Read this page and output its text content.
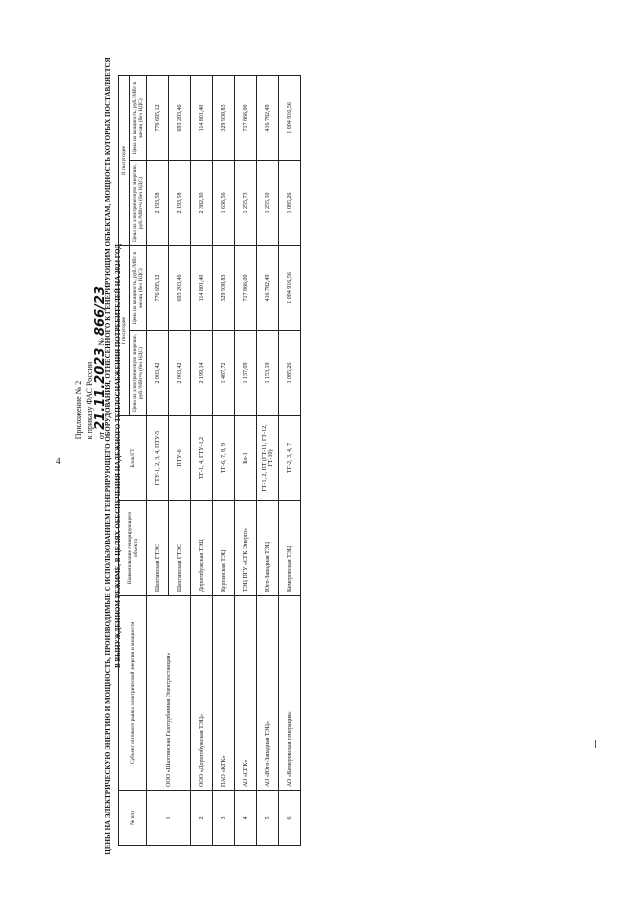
4
Приложение № 2 к приказу ФАС России от 21.11.2023 № 866/23
ЦЕНЫ НА ЭЛЕКТРИЧЕСКУЮ ЭНЕРГИЮ И МОЩНОСТЬ, ПРОИЗВОДИМЫЕ С ИСПОЛЬЗОВАНИЕМ ГЕНЕРИРУЮЩЕГО ОБОРУДОВАНИЯ, ОТНЕСЕННОГО К ГЕНЕРИРУЮЩИМ ОБЪЕКТАМ, МОЩНОСТЬ КОТОРЫХ ПОСТАВЛЯЕТСЯ В ВЫНУЖДЕННОМ РЕЖИМЕ, В ЦЕЛЯХ ОБЕСПЕЧЕНИЯ НАДЕЖНОГО ТЕПЛОСНАБЖЕНИЯ ПОТРЕБИТЕЛЕЙ НА 2024 ГОД
№ п/п	Субъект оптового рынка электрической энергии и мощности	Наименование генерирующего объекта	Блок/ГТ	I полугодие		II полугодие	
				Цена на электрическую энергию, руб./МВт•ч (без НДС)	Цена на мощность, руб./МВт в месяц (без НДС)	Цена на электрическую энергию, руб./МВт•ч (без НДС)	Цена на мощность, руб./МВт в месяц (без НДС)
1	ООО «Шахтинская Газотурбинная Электростанция»	Шахтинская ГТЭС	ГТУ-1, 2, 3, 4, ПТУ-5	2 003,42	776 695,12	2 193,58	776 695,12
		Шахтинская ГТЭС	ПТУ-6	2 003,42	693 203,46	2 193,58	693 203,46
2	ООО «Дорогобужская ТЭЦ»	Дорогобужская ТЭЦ	ТГ-1, 4, ГТУ-1,2	2 199,14	114 801,40	2 382,30	114 801,40
3	ПАО «КГК»	Курганская ТЭЦ	ТГ-6, 7, 8, 9	1 487,72	329 938,83	1 636,56	329 938,83
4	АО «СГК»	ТЭЦ ПГУ «СГК Энерго»	Бл-1	1 137,09	717 866,00	1 255,73	717 866,00
5	АО «Юго-Западная ТЭЦ»	Юго-Западная ТЭЦ	ГТ-1, 2, ПТ (ГТ-11, ГТ-12, ГТ-10)	1 153,19	416 782,49	1 255,10	416 782,49
6	АО «Кемеровская генерация»	Кемеровская ТЭЦ	ТГ-2, 3, 4, 7	1 085,26	1 004 916,56	1 085,26	1 004 916,56
